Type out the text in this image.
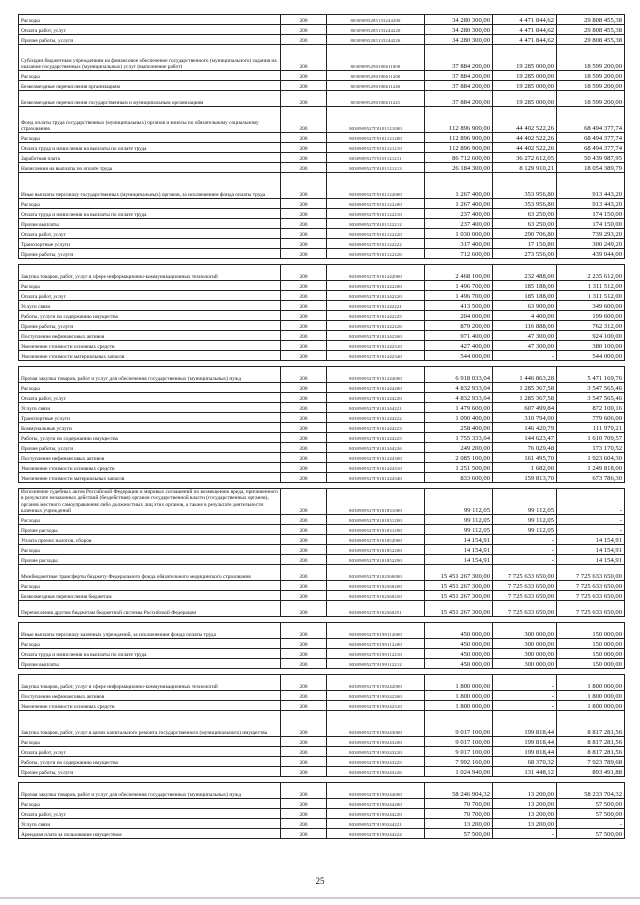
Расходы	200	80309095285133244200	34 280 300,00	4 471 844,62	29 808 455,38
Оплата работ, услуг	200	80309095285133244220	34 280 300,00	4 471 844,62	29 808 455,38
Прочие работы, услуги	200	80309095285133244226	34 280 300,00	4 471 844,62	29 808 455,38
Субсидии бюджетным учреждениям на финансовое обеспечение государственного (муниципального) задания на оказание государственных (муниципальных) услуг (выполнение работ)	200	80309095290100611000	37 884 200,00	19 285 000,00	18 599 200,00
Расходы	200	80309095290100611200	37 884 200,00	19 285 000,00	18 599 200,00
Безвозмездные перечисления организациям	200	80309095290100611240	37 884 200,00	19 285 000,00	18 599 200,00
Безвозмездные перечисления государственным и муниципальным организациям	200	80309095290100611241	37 884 200,00	19 285 000,00	18 599 200,00
Фонд оплаты труда государственных (муниципальных) органов и взносы по обязательному социальному страхованию	200	8030909527Г0101121000	112 896 900,00	44 402 522,26	68 494 377,74
Расходы	200	8030909527Г0101121200	112 896 900,00	44 402 522,26	68 494 377,74
Оплата труда и начисления на выплаты по оплате труда	200	8030909527Г0101121210	112 896 900,00	44 402 522,26	68 494 377,74
Заработная плата	200	8030909527Г0101121211	86 712 600,00	36 272 612,05	50 439 987,95
Начисления на выплаты по оплате труда	200	8030909527Г0101121213	26 184 300,00	8 129 910,21	18 054 389,79
Иные выплаты персоналу государственных (муниципальных) органов, за исключением фонда оплаты труда	200	8030909527Г0101122000	1 267 400,00	353 956,80	913 443,20
Расходы	200	8030909527Г0101122200	1 267 400,00	353 956,80	913 443,20
Оплата труда и начисления на выплаты по оплате труда	200	8030909527Г0101122210	237 400,00	63 250,00	174 150,00
Прочие выплаты	200	8030909527Г0101122212	237 400,00	63 250,00	174 150,00
Оплата работ, услуг	200	8030909527Г0101122220	1 030 000,00	290 706,80	739 293,20
Транспортные услуги	200	8030909527Г0101122222	317 400,00	17 150,80	300 249,20
Прочие работы, услуги	200	8030909527Г0101122226	712 600,00	273 556,00	439 044,00

Закупка товаров, работ, услуг в сфере информационно-коммуникационных технологий	200	8030909527Г0101242000	2 468 100,00	232 488,00	2 235 612,00
Расходы	200	8030909527Г0101242200	1 496 700,00	185 188,00	1 311 512,00
Оплата работ, услуг	200	8030909527Г0101242220	1 496 700,00	185 188,00	1 311 512,00
Услуги связи	200	8030909527Г0101242221	413 500,00	63 900,00	349 600,00
Работы, услуги по содержанию имущества	200	8030909527Г0101242225	204 000,00	4 400,00	199 600,00
Прочие работы, услуги	200	8030909527Г0101242226	879 200,00	116 888,00	762 312,00
Поступление нефинансовых активов	200	8030909527Г0101242300	971 400,00	47 300,00	924 100,00
Увеличение стоимости основных средств	200	8030909527Г0101242310	427 400,00	47 300,00	380 100,00
Увеличение стоимости материальных запасов	200	8030909527Г0101242340	544 000,00	-	544 000,00

Прочая закупка товаров, работ и услуг для обеспечения государственных (муниципальных) нужд	200	8030909527Г0101244000	6 918 033,04	1 446 863,28	5 471 169,76
Расходы	200	8030909527Г0101244200	4 832 933,04	1 285 367,58	3 547 565,46
Оплата работ, услуг	200	8030909527Г0101244220	4 832 933,04	1 285 367,58	3 547 565,46
Услуги связи	200	8030909527Г0101244221	1 479 600,00	607 499,84	872 100,16
Транспортные услуги	200	8030909527Г0101244222	1 090 400,00	310 794,00	779 606,00
Коммунальные услуги	200	8030909527Г0101244223	258 400,00	146 420,79	111 979,21
Работы, услуги по содержанию имущества	200	8030909527Г0101244225	1 755 333,04	144 623,47	1 610 709,57
Прочие работы, услуги	200	8030909527Г0101244226	249 200,00	76 029,48	173 170,52
Поступление нефинансовых активов	200	8030909527Г0101244300	2 085 100,00	161 495,70	1 923 604,30
Увеличение стоимости основных средств	200	8030909527Г0101244310	1 251 500,00	1 682,00	1 249 818,00
Увеличение стоимости материальных запасов	200	8030909527Г0101244340	833 600,00	159 813,70	673 786,30

Исполнение судебных актов Российской Федерации и мировых соглашений по возмещению вреда, причиненного в результате незаконных действий (бездействия) органов государственной власти (государственных органов), органов местного самоуправления либо должностных лиц этих органов, а также в результате деятельности казенных учреждений	200	8030909527Г0101831000	99 112,05	99 112,05	-
Расходы	200	8030909527Г0101831200	99 112,05	99 112,05	-
Прочие расходы	200	8030909527Г0101831290	99 112,05	99 112,05	-
Уплата прочих налогов, сборов	200	8030909527Г0101852000	14 154,91	-	14 154,91
Расходы	200	8030909527Г0101852200	14 154,91	-	14 154,91
Прочие расходы	200	8030909527Г0101852290	14 154,91	-	14 154,91
Межбюджетные трансферты бюджету Федерального фонда обязательного медицинского страхования	200	8030909527Г0102560000	15 451 267 300,00	7 725 633 650,00	7 725 633 650,00
Расходы	200	8030909527Г0102560200	15 451 267 300,00	7 725 633 650,00	7 725 633 650,00
Безвозмездные перечисления бюджетам	200	8030909527Г0102560250	15 451 267 300,00	7 725 633 650,00	7 725 633 650,00
Перечисления другим бюджетам бюджетной системы Российской Федерации	200	8030909527Г0102560251	15 451 267 300,00	7 725 633 650,00	7 725 633 650,00

Иные выплаты персоналу казенных учреждений, за исключением фонда оплаты труда	200	8030909527Г0199112000	450 000,00	300 000,00	150 000,00
Расходы	200	8030909527Г0199112200	450 000,00	300 000,00	150 000,00
Оплата труда и начисления на выплаты по оплате труда	200	8030909527Г0199112210	450 000,00	300 000,00	150 000,00
Прочие выплаты	200	8030909527Г0199112212	450 000,00	300 000,00	150 000,00

Закупка товаров, работ, услуг в сфере информационно-коммуникационных технологий	200	8030909527Г0199242000	1 800 000,00	-	1 800 000,00
Поступление нефинансовых активов	200	8030909527Г0199242300	1 800 000,00	-	1 800 000,00
Увеличение стоимости основных средств	200	8030909527Г0199242310	1 800 000,00	-	1 800 000,00
Закупка товаров, работ, услуг в целях капитального ремонта государственного (муниципального) имущества	200	8030909527Г0199243000	9 017 100,00	199 818,44	8 817 281,56
Расходы	200	8030909527Г0199243200	9 017 100,00	199 818,44	8 817 281,56
Оплата работ, услуг	200	8030909527Г0199243220	9 017 100,00	199 818,44	8 817 281,56
Работы, услуги по содержанию имущества	200	8030909527Г0199243225	7 992 160,00	68 370,32	7 923 789,68
Прочие работы, услуги	200	8030909527Г0199243226	1 024 940,00	131 448,12	893 491,88

Прочая закупка товаров, работ и услуг для обеспечения государственных (муниципальных) нужд	200	8030909527Г0199244000	58 246 904,32	13 200,00	58 233 704,32
Расходы	200	8030909527Г0199244200	70 700,00	13 200,00	57 500,00
Оплата работ, услуг	200	8030909527Г0199244220	70 700,00	13 200,00	57 500,00
Услуги связи	200	8030909527Г0199244221	13 200,00	13 200,00	-
Арендная плата за пользование имуществом	200	8030909527Г0199244224	57 500,00	-	57 500,00
25
